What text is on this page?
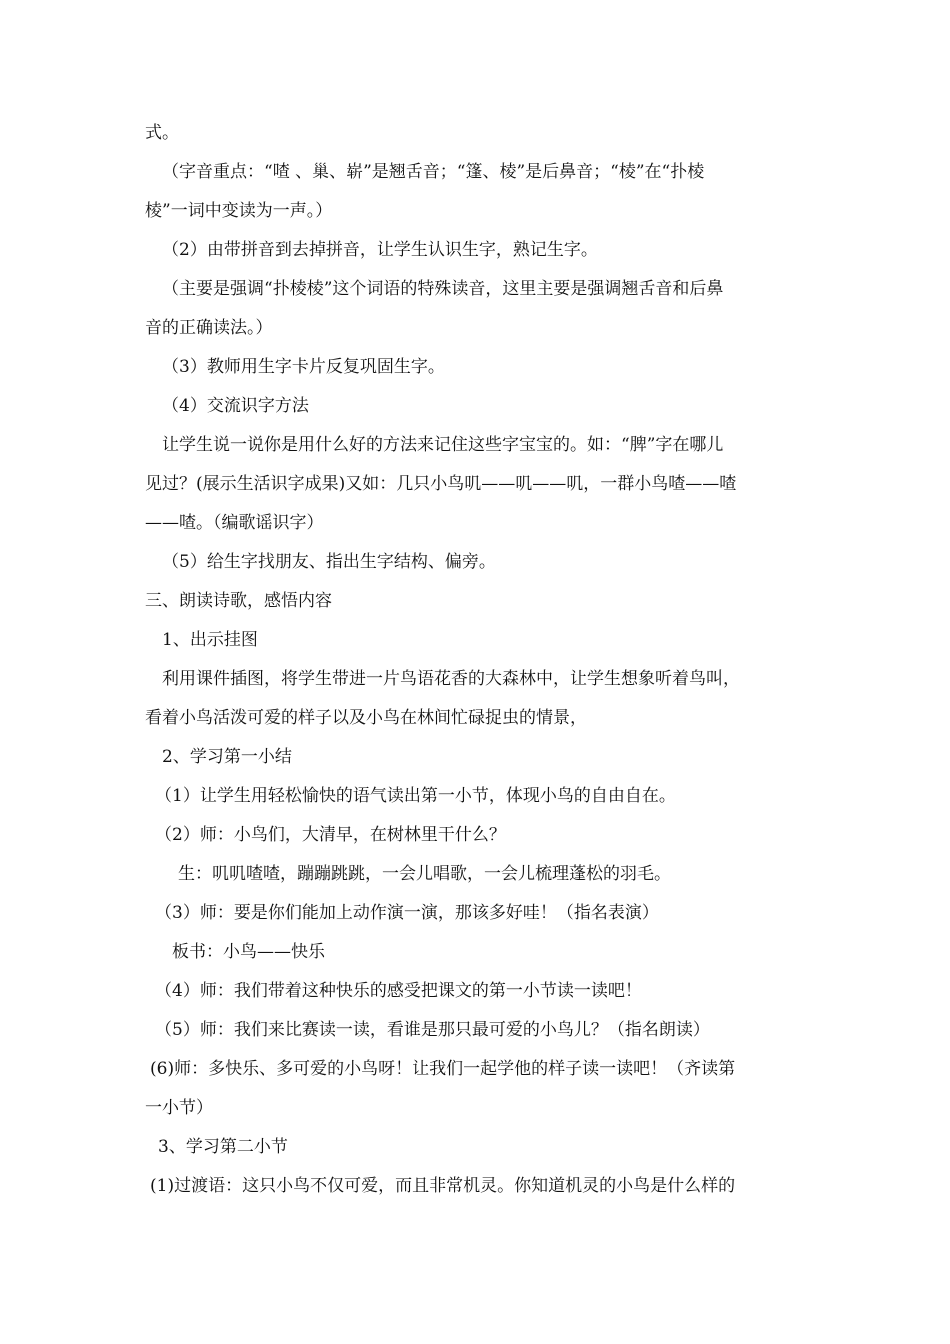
式。
（字音重点：“喳 、巢、崭”是翘舌音；“篷、棱”是后鼻音；“棱”在“扑棱
棱”一词中变读为一声。）
（2）由带拼音到去掉拼音，让学生认识生字，熟记生字。
（主要是强调“扑棱棱”这个词语的特殊读音，这里主要是强调翘舌音和后鼻
音的正确读法。）
（3）教师用生字卡片反复巩固生字。
（4）交流识字方法
让学生说一说你是用什么好的方法来记住这些字宝宝的。如：“脾”字在哪儿
见过？(展示生活识字成果)又如：几只小鸟叽——叽——叽，一群小鸟喳——喳
——喳。（编歌谣识字）
（5）给生字找朋友、指出生字结构、偏旁。
三、朗读诗歌，感悟内容
1、出示挂图
利用课件插图，将学生带进一片鸟语花香的大森林中，让学生想象听着鸟叫，
看着小鸟活泼可爱的样子以及小鸟在林间忙碌捉虫的情景，
2、学习第一小结
（1）让学生用轻松愉快的语气读出第一小节，体现小鸟的自由自在。
（2）师：小鸟们，大清早，在树林里干什么？
生：叽叽喳喳，蹦蹦跳跳，一会儿唱歌，一会儿梳理蓬松的羽毛。
（3）师：要是你们能加上动作演一演，那该多好哇！（指名表演）
板书：小鸟——快乐
（4）师：我们带着这种快乐的感受把课文的第一小节读一读吧！
（5）师：我们来比赛读一读，看谁是那只最可爱的小鸟儿？（指名朗读）
(6)师：多快乐、多可爱的小鸟呀！让我们一起学他的样子读一读吧！（齐读第
一小节）
3、学习第二小节
(1)过渡语：这只小鸟不仅可爱，而且非常机灵。你知道机灵的小鸟是什么样的
